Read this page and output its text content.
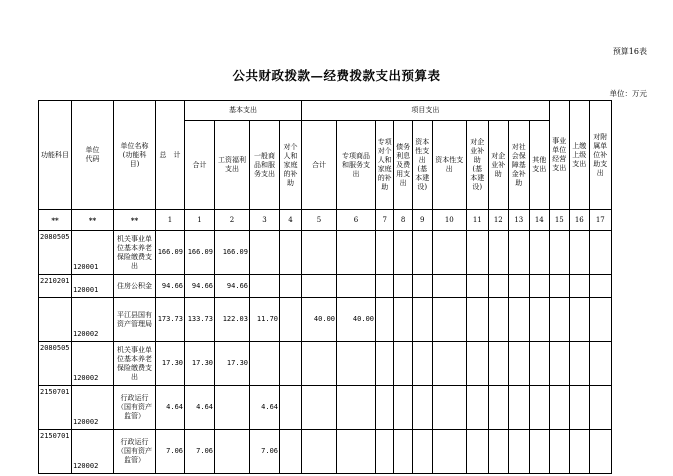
预算16表
公共财政拨款—经费拨款支出预算表
单位：万元
功能科目	单位代码	单位名称(功能科目)	总　计	基本支出				项目支出										事业单位经营支出	上缴上级支出	对附属单位补助支出
				合计	工资福利支出	一般商品和服务支出	对个人和家庭的补助	合计	专项商品和服务支出	专项对个人和家庭的补助	债务利息及费用支出	资本性支出(基本建设)	资本性支出	对企业补助(基本建设)	对企业补助	对社会保障基金补助	其他支出			
**	**	**	1	1	2	3	4	5	6	7	8	9	10	11	12	13	14	15	16	17
2080505	120001	机关事业单位基本养老保险缴费支出	166.09	166.09	166.09															
2210201	120001	住房公积金	94.66	94.66	94.66															
	120002	平江县国有资产管理局	173.73	133.73	122.03	11.70		40.00	40.00											
2080505	120002	机关事业单位基本养老保险缴费支出	17.30	17.30	17.30															
2150701	120002	行政运行（国有资产监管）	4.64	4.64		4.64														
2150701	120002	行政运行（国有资产监管）	7.06	7.06		7.06														
